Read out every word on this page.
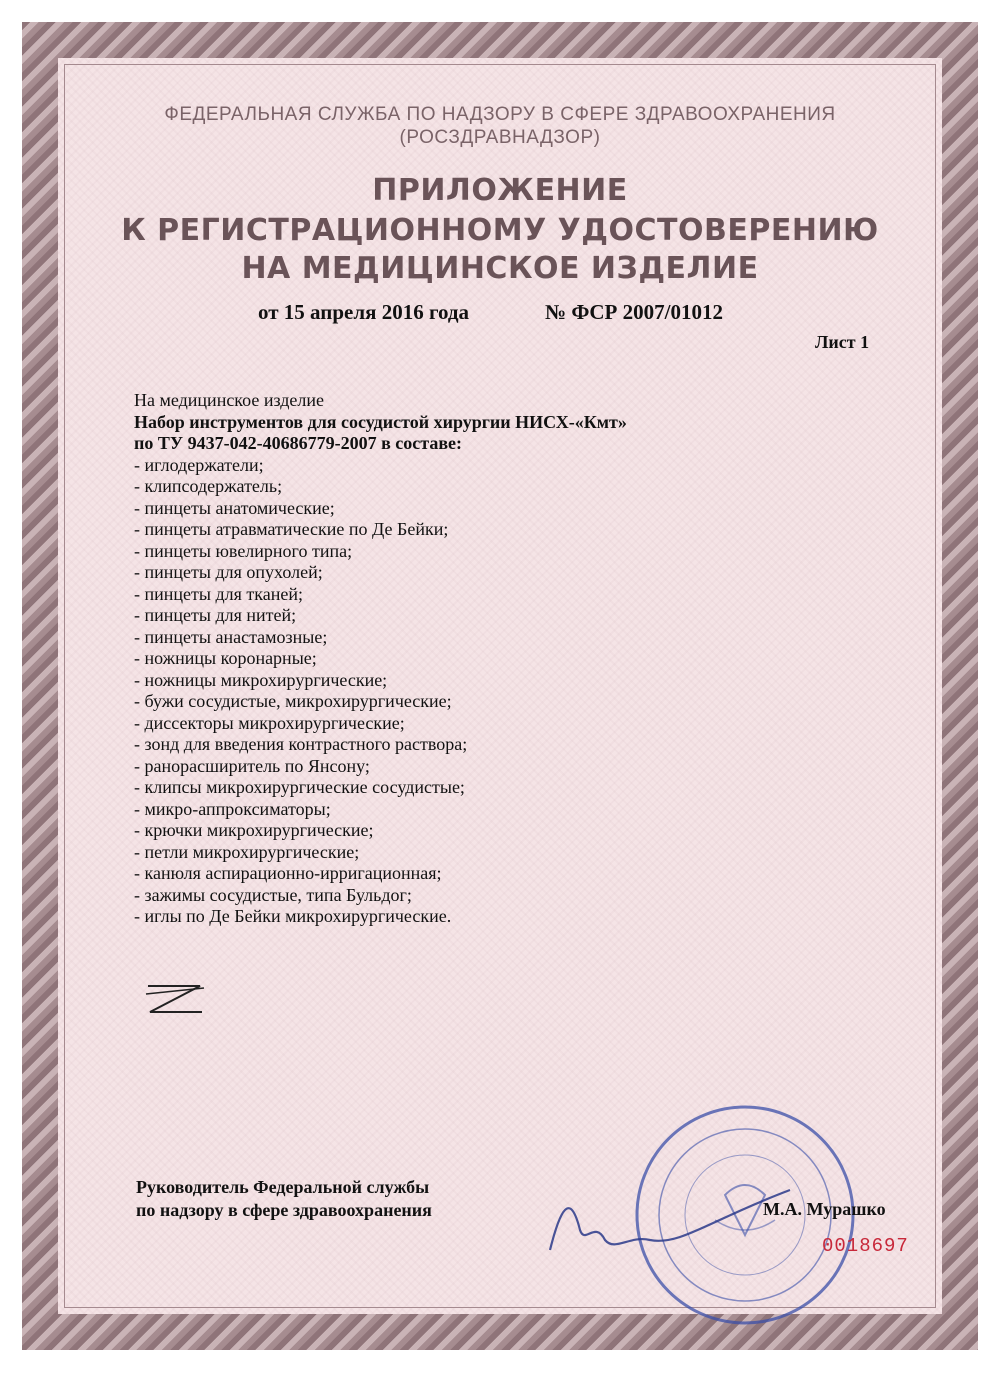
ФЕДЕРАЛЬНАЯ СЛУЖБА ПО НАДЗОРУ В СФЕРЕ ЗДРАВООХРАНЕНИЯ
(РОСЗДРАВНАДЗОР)
ПРИЛОЖЕНИЕ
К РЕГИСТРАЦИОННОМУ УДОСТОВЕРЕНИЮ
НА МЕДИЦИНСКОЕ ИЗДЕЛИЕ
от 15 апреля 2016 года	№ ФСР 2007/01012
Лист 1
На медицинское изделие
Набор инструментов для сосудистой хирургии НИСХ-«Кмт»
по ТУ 9437-042-40686779-2007 в составе:
- иглодержатели;
- клипсодержатель;
- пинцеты анатомические;
- пинцеты атравматические по Де Бейки;
- пинцеты ювелирного типа;
- пинцеты для опухолей;
- пинцеты для тканей;
- пинцеты для нитей;
- пинцеты анастамозные;
- ножницы коронарные;
- ножницы микрохирургические;
- бужи сосудистые, микрохирургические;
- диссекторы микрохирургические;
- зонд для введения контрастного раствора;
- ранорасширитель по Янсону;
- клипсы микрохирургические сосудистые;
- микро-аппроксиматоры;
- крючки микрохирургические;
- петли микрохирургические;
- канюля аспирационно-ирригационная;
- зажимы сосудистые, типа Бульдог;
- иглы по Де Бейки микрохирургические.
Руководитель Федеральной службы
по надзору в сфере здравоохранения	М.А. Мурашко
0018697
